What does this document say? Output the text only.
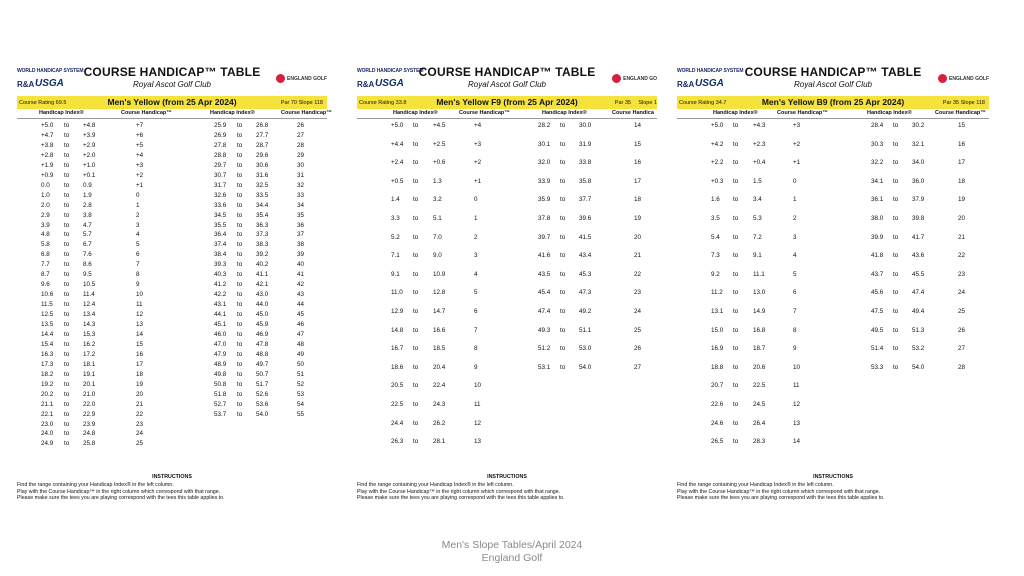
WORLD HANDICAP SYSTEM
R&A USGA
COURSE HANDICAP™ TABLE
Royal Ascot Golf Club
ENGLAND GOLF
Course Rating 69.5	Men's Yellow (from 25 Apr 2024)	Par 70 Slope 118
Handicap Index®	Course Handicap™	Handicap Index®	Course Handicap™
+5.0 to +4.8	+7
+4.7 to +3.9	+6
+3.8 to +2.9	+5
+2.8 to +2.0	+4
+1.9 to +1.0	+3
+0.9 to +0.1	+2
0.0 to 0.9	+1
1.0 to 1.9	0
2.0 to 2.8	1
2.9 to 3.8	2
3.9 to 4.7	3
4.8 to 5.7	4
5.8 to 6.7	5
6.8 to 7.6	6
7.7 to 8.6	7
8.7 to 9.5	8
9.6 to 10.5	9
10.6 to 11.4	10
11.5 to 12.4	11
12.5 to 13.4	12
13.5 to 14.3	13
14.4 to 15.3	14
15.4 to 16.2	15
16.3 to 17.2	16
17.3 to 18.1	17
18.2 to 19.1	18
19.2 to 20.1	19
20.2 to 21.0	20
21.1 to 22.0	21
22.1 to 22.9	22
23.0 to 23.9	23
24.0 to 24.8	24
24.9 to 25.8	25
25.9 to 26.8	26
26.9 to 27.7	27
27.8 to 28.7	28
28.8 to 29.6	29
29.7 to 30.6	30
30.7 to 31.6	31
31.7 to 32.5	32
32.6 to 33.5	33
33.6 to 34.4	34
34.5 to 35.4	35
35.5 to 36.3	36
36.4 to 37.3	37
37.4 to 38.3	38
38.4 to 39.2	39
39.3 to 40.2	40
40.3 to 41.1	41
41.2 to 42.1	42
42.2 to 43.0	43
43.1 to 44.0	44
44.1 to 45.0	45
45.1 to 45.9	46
46.0 to 46.9	47
47.0 to 47.8	48
47.9 to 48.8	49
48.9 to 49.7	50
49.8 to 50.7	51
50.8 to 51.7	52
51.8 to 52.6	53
52.7 to 53.6	54
53.7 to 54.0	55
INSTRUCTIONS
Find the range containing your Handicap Index® in the left column.
Play with the Course Handicap™ in the right column which correspond with that range.
Please make sure the tees you are playing correspond with the tees this table applies to.
WORLD HANDICAP SYSTEM
R&A USGA
COURSE HANDICAP™ TABLE
Royal Ascot Golf Club
ENGLAND GO
Course Rating 33.8	Men's Yellow F9 (from 25 Apr 2024)	Par 35 Slope 1
Handicap Index®	Course Handicap™	Handicap Index®	Course Handica
+5.0 to +4.5	+4
+4.4 to +2.5	+3
+2.4 to +0.6	+2
+0.5 to 1.3	+1
1.4 to 3.2	0
3.3 to 5.1	1
5.2 to 7.0	2
7.1 to 9.0	3
9.1 to 10.9	4
11.0 to 12.8	5
12.9 to 14.7	6
14.8 to 16.6	7
16.7 to 18.5	8
18.6 to 20.4	9
20.5 to 22.4	10
22.5 to 24.3	11
24.4 to 26.2	12
26.3 to 28.1	13
28.2 to 30.0	14
30.1 to 31.9	15
32.0 to 33.8	16
33.9 to 35.8	17
35.9 to 37.7	18
37.8 to 39.6	19
39.7 to 41.5	20
41.6 to 43.4	21
43.5 to 45.3	22
45.4 to 47.3	23
47.4 to 49.2	24
49.3 to 51.1	25
51.2 to 53.0	26
53.1 to 54.0	27
INSTRUCTIONS
Find the range containing your Handicap Index® in the left column.
Play with the Course Handicap™ in the right column which correspond with that range.
Please make sure the tees you are playing correspond with the tees this table applies to.
WORLD HANDICAP SYSTEM
R&A USGA
COURSE HANDICAP™ TABLE
Royal Ascot Golf Club
ENGLAND GOLF
Course Rating 34.7	Men's Yellow B9 (from 25 Apr 2024)	Par 35 Slope 118
Handicap Index®	Course Handicap™	Handicap Index®	Course Handicap™
+5.0 to +4.3	+3
+4.2 to +2.3	+2
+2.2 to +0.4	+1
+0.3 to 1.5	0
1.6 to 3.4	1
3.5 to 5.3	2
5.4 to 7.2	3
7.3 to 9.1	4
9.2 to 11.1	5
11.2 to 13.0	6
13.1 to 14.9	7
15.0 to 16.8	8
16.9 to 18.7	9
18.8 to 20.6	10
20.7 to 22.5	11
22.6 to 24.5	12
24.6 to 26.4	13
26.5 to 28.3	14
28.4 to 30.2	15
30.3 to 32.1	16
32.2 to 34.0	17
34.1 to 36.0	18
36.1 to 37.9	19
38.0 to 39.8	20
39.9 to 41.7	21
41.8 to 43.6	22
43.7 to 45.5	23
45.6 to 47.4	24
47.5 to 49.4	25
49.5 to 51.3	26
51.4 to 53.2	27
53.3 to 54.0	28
INSTRUCTIONS
Find the range containing your Handicap Index® in the left column.
Play with the Course Handicap™ in the right column which correspond with that range.
Please make sure the tees you are playing correspond with the tees this table applies to.
Men's Slope Tables/April 2024
England Golf
